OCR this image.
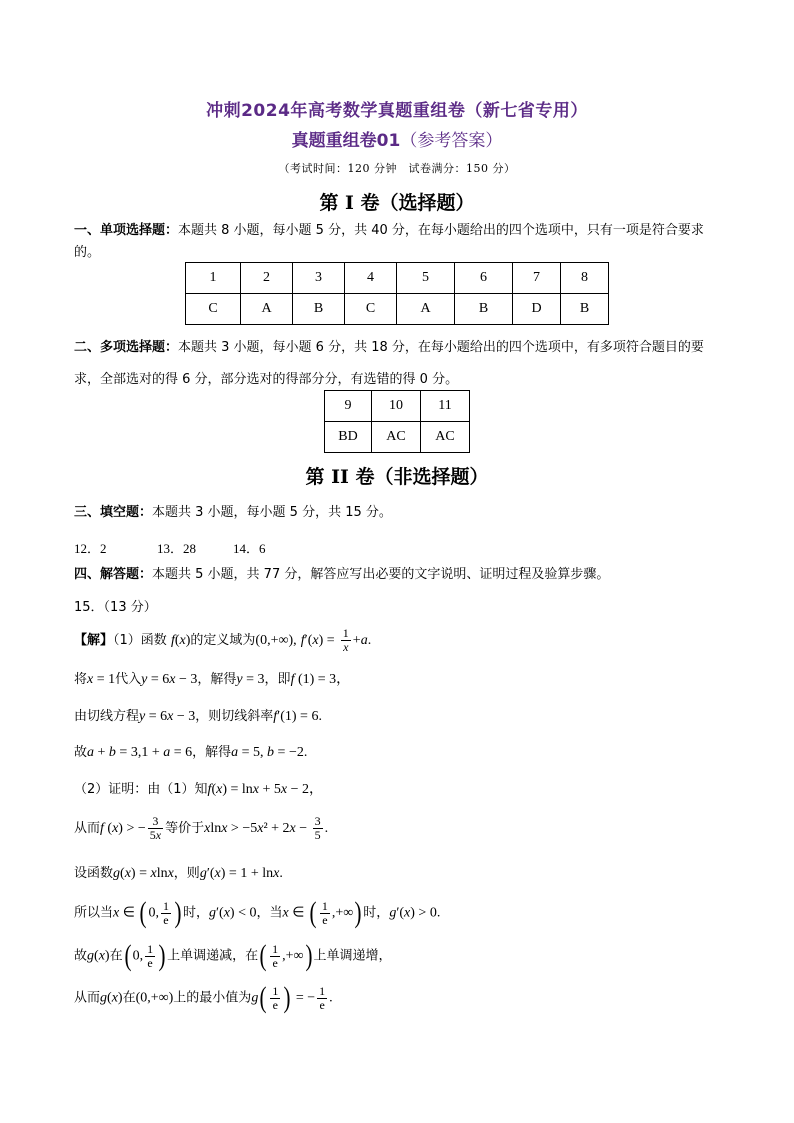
冲刺2024年高考数学真题重组卷（新七省专用）
真题重组卷01（参考答案）
（考试时间：120 分钟　试卷满分：150 分）
第 I 卷（选择题）
一、单项选择题：本题共 8 小题，每小题 5 分，共 40 分，在每小题给出的四个选项中，只有一项是符合要求的。
1	2	3	4	5	6	7	8
C	A	B	C	A	B	D	B
二、多项选择题：本题共 3 小题，每小题 6 分，共 18 分，在每小题给出的四个选项中，有多项符合题目的要求，全部选对的得 6 分，部分选对的得部分分，有选错的得 0 分。
9	10	11
BD	AC	AC
第 II 卷（非选择题）
三、填空题：本题共 3 小题，每小题 5 分，共 15 分。
12．2	13．28	14．6
四、解答题：本题共 5 小题，共 77 分，解答应写出必要的文字说明、证明过程及验算步骤。
15．（13 分）
【解】（1）函数 f(x)的定义域为(0,+∞), $f'(x) = \frac{1}{x} +a$.
将x = 1代入y = 6x − 3，解得y = 3，即f (1) = 3，
由切线方程y = 6x − 3，则切线斜率f′(1) = 6.
故a + b = 3,1 + a = 6，解得a = 5, b = −2.
（2）证明：由（1）知f(x) = lnx + 5x − 2，
从而f (x) > − $\frac{3}{5x}$ 等价于$xlnx > -5x^2 + 2x - \frac{3}{5}$ .
设函数g(x) = xlnx，则g′(x) = 1 + lnx.
所以当x ∈ ( 0, $\frac{1}{e}$ ) 时，g′(x) < 0，当x ∈ ( $\frac{1}{e}$ ,+∞) 时，g′(x) > 0.
故g(x)在( 0, $\frac{1}{e}$ ) 上单调递减，在( $\frac{1}{e}$ ,+∞) 上单调递增，
从而g(x)在(0,+∞)上的最小值为$g( \frac{1}{e}$ ) = − $\frac{1}{e}$ .
